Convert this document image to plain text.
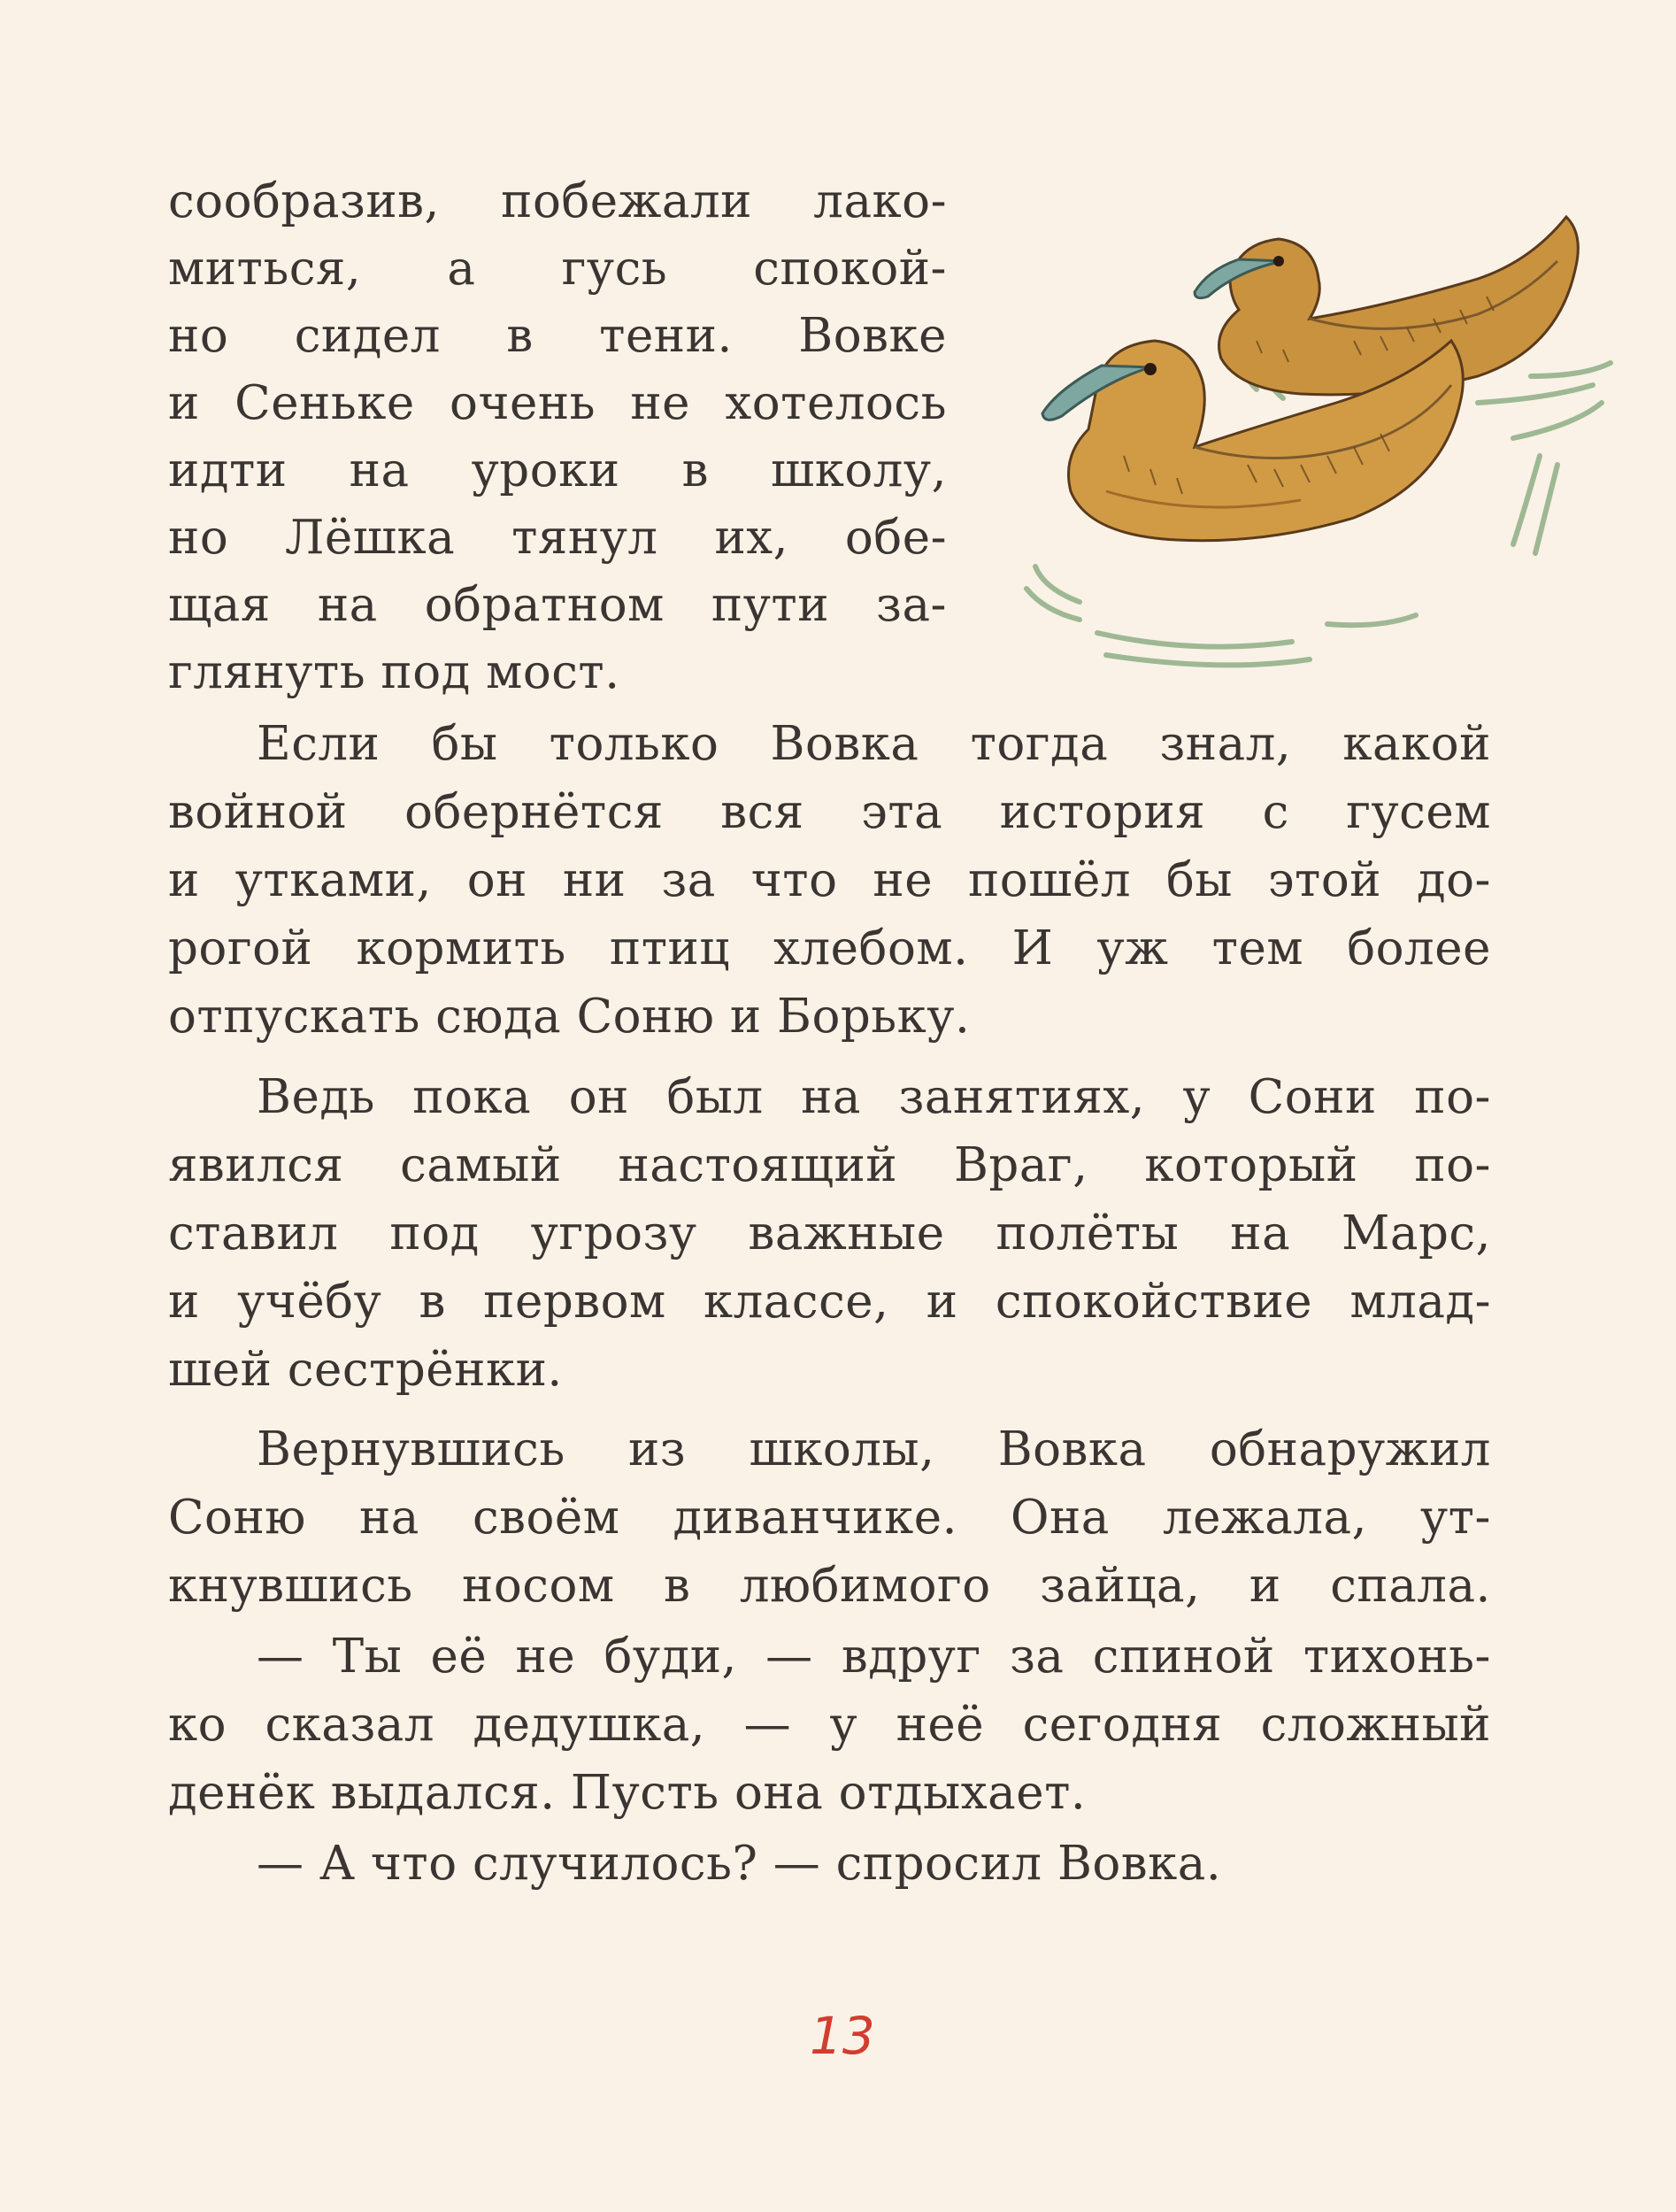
сообразив, побежали лако-
миться, а гусь спокой-
но сидел в тени. Вовке
и Сеньке очень не хотелось
идти на уроки в школу,
но Лёшка тянул их, обе-
щая на обратном пути за-
глянуть под мост.
Если бы только Вовка тогда знал, какой
войной обернётся вся эта история с гусем
и утками, он ни за что не пошёл бы этой до-
рогой кормить птиц хлебом. И уж тем более
отпускать сюда Соню и Борьку.
Ведь пока он был на занятиях, у Сони по-
явился самый настоящий Враг, который по-
ставил под угрозу важные полёты на Марс,
и учёбу в первом классе, и спокойствие млад-
шей сестрёнки.
Вернувшись из школы, Вовка обнаружил
Соню на своём диванчике. Она лежала, ут-
кнувшись носом в любимого зайца, и спала.
— Ты её не буди, — вдруг за спиной тихонь-
ко сказал дедушка, — у неё сегодня сложный
денёк выдался. Пусть она отдыхает.
— А что случилось? — спросил Вовка.
13
